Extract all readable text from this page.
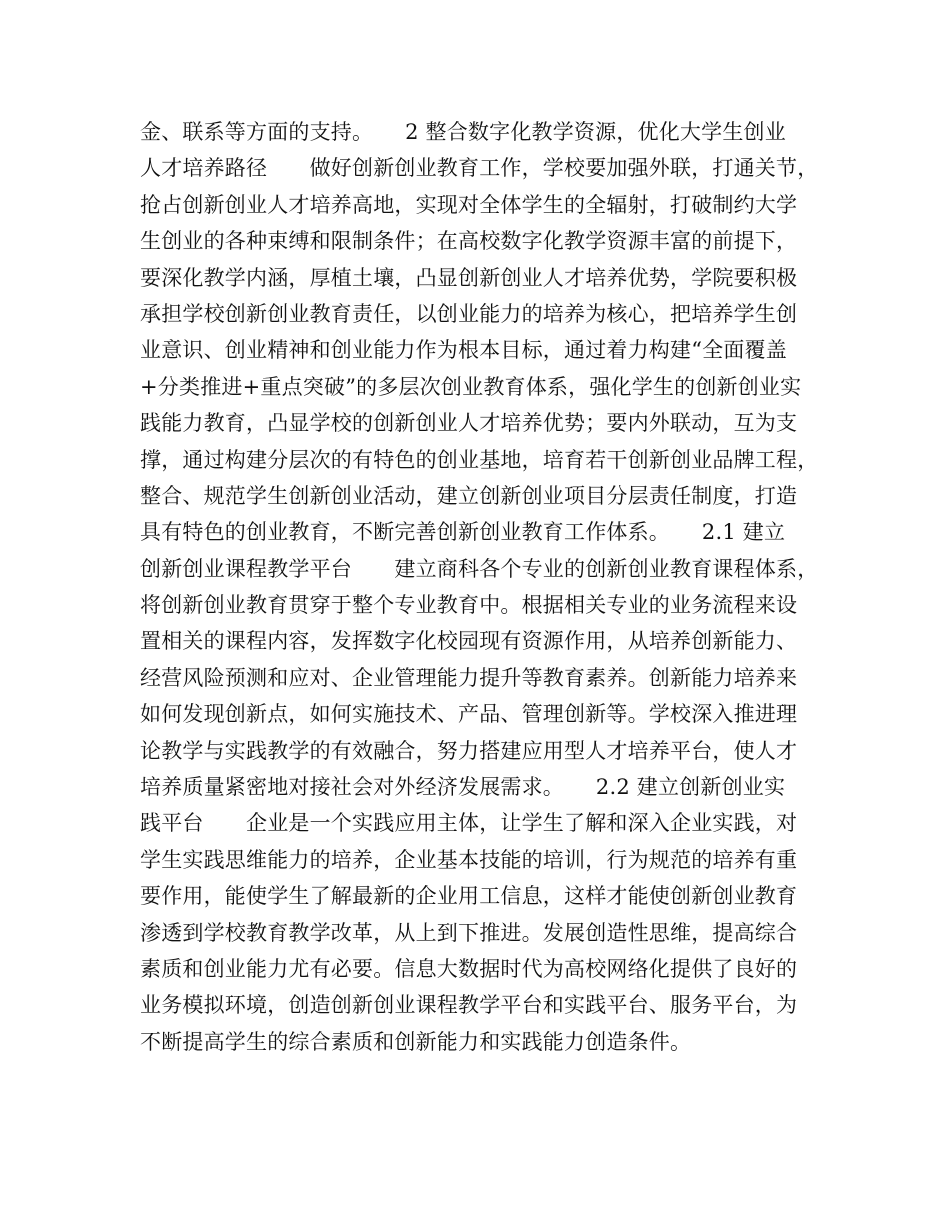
金、联系等方面的支持。　　2 整合数字化教学资源，优化大学生创业
人才培养路径　　做好创新创业教育工作，学校要加强外联，打通关节，
抢占创新创业人才培养高地，实现对全体学生的全辐射，打破制约大学
生创业的各种束缚和限制条件；在高校数字化教学资源丰富的前提下，
要深化教学内涵，厚植土壤，凸显创新创业人才培养优势，学院要积极
承担学校创新创业教育责任，以创业能力的培养为核心，把培养学生创
业意识、创业精神和创业能力作为根本目标，通过着力构建“全面覆盖
+分类推进+重点突破”的多层次创业教育体系，强化学生的创新创业实
践能力教育，凸显学校的创新创业人才培养优势；要内外联动，互为支
撑，通过构建分层次的有特色的创业基地，培育若干创新创业品牌工程，
整合、规范学生创新创业活动，建立创新创业项目分层责任制度，打造
具有特色的创业教育，不断完善创新创业教育工作体系。　　2.1 建立
创新创业课程教学平台　　建立商科各个专业的创新创业教育课程体系，
将创新创业教育贯穿于整个专业教育中。根据相关专业的业务流程来设
置相关的课程内容，发挥数字化校园现有资源作用，从培养创新能力、
经营风险预测和应对、企业管理能力提升等教育素养。创新能力培养来
如何发现创新点，如何实施技术、产品、管理创新等。学校深入推进理
论教学与实践教学的有效融合，努力搭建应用型人才培养平台，使人才
培养质量紧密地对接社会对外经济发展需求。　　2.2 建立创新创业实
践平台　　企业是一个实践应用主体，让学生了解和深入企业实践，对
学生实践思维能力的培养，企业基本技能的培训，行为规范的培养有重
要作用，能使学生了解最新的企业用工信息，这样才能使创新创业教育
渗透到学校教育教学改革，从上到下推进。发展创造性思维，提高综合
素质和创业能力尤有必要。信息大数据时代为高校网络化提供了良好的
业务模拟环境，创造创新创业课程教学平台和实践平台、服务平台，为
不断提高学生的综合素质和创新能力和实践能力创造条件。
